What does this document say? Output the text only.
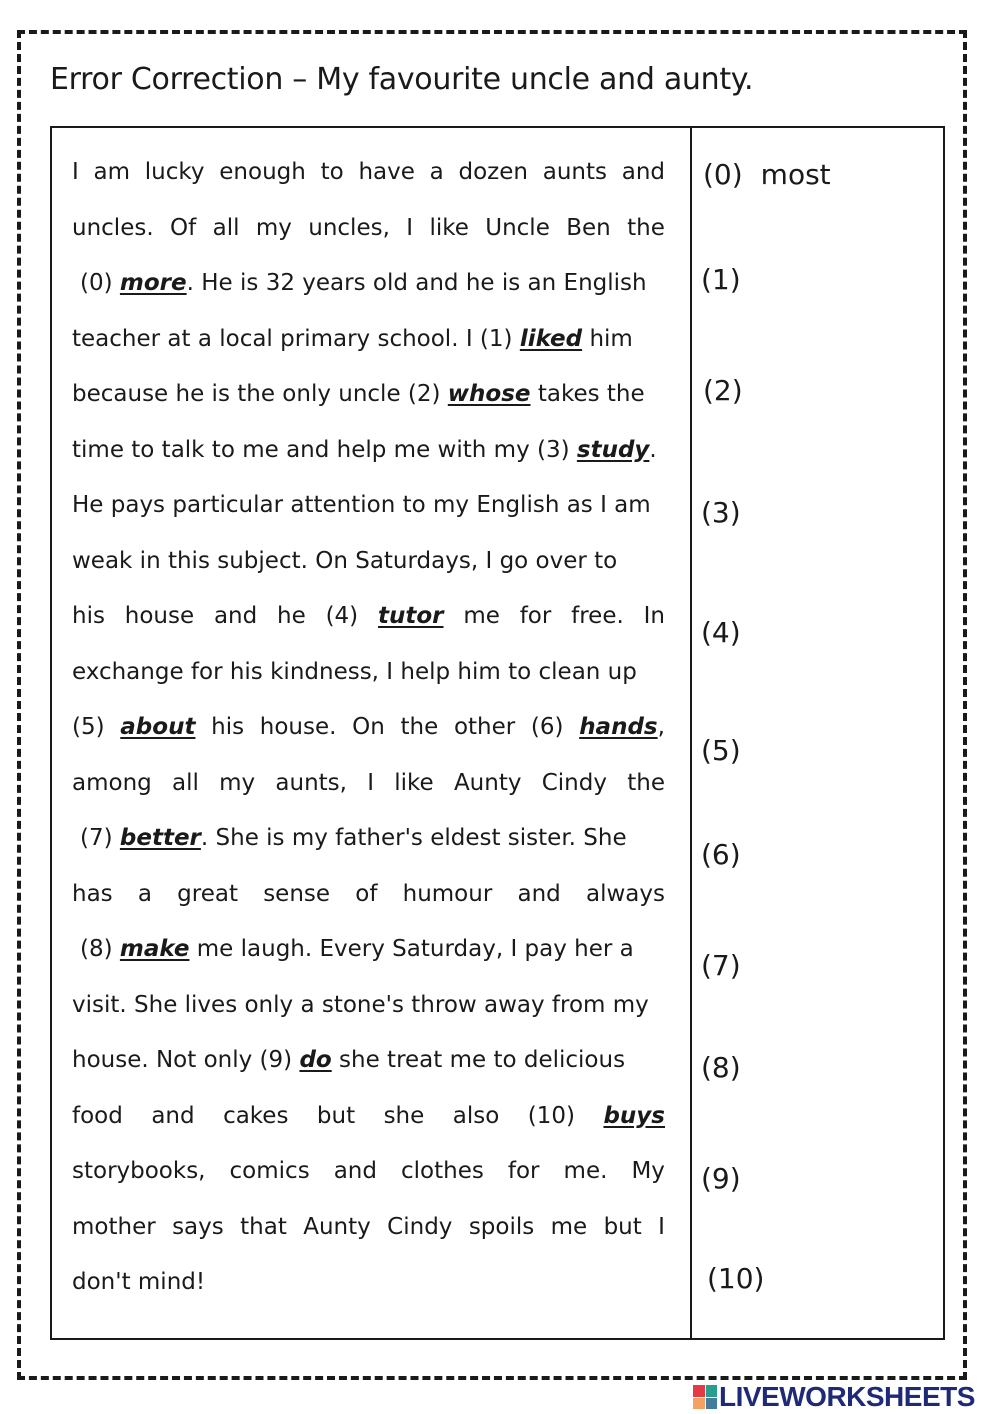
Error Correction – My favourite uncle and aunty.
I am lucky enough to have a dozen aunts and
uncles. Of all my uncles, I like Uncle Ben the
(0) more. He is 32 years old and he is an English
teacher at a local primary school. I (1) liked him
because he is the only uncle (2) whose takes the
time to talk to me and help me with my (3) study.
He pays particular attention to my English as I am
weak in this subject. On Saturdays, I go over to
his house and he (4) tutor me for free. In
exchange for his kindness, I help him to clean up
(5) about his house. On the other (6) hands,
among all my aunts, I like Aunty Cindy the
(7) better. She is my father's eldest sister. She
has a great sense of humour and always
(8) make me laugh. Every Saturday, I pay her a
visit. She lives only a stone's throw away from my
house. Not only (9) do she treat me to delicious
food and cakes but she also (10) buys
storybooks, comics and clothes for me. My
mother says that Aunty Cindy spoils me but I
don't mind!
(0) most
(1)
(2)
(3)
(4)
(5)
(6)
(7)
(8)
(9)
(10)
LIVEWORKSHEETS
